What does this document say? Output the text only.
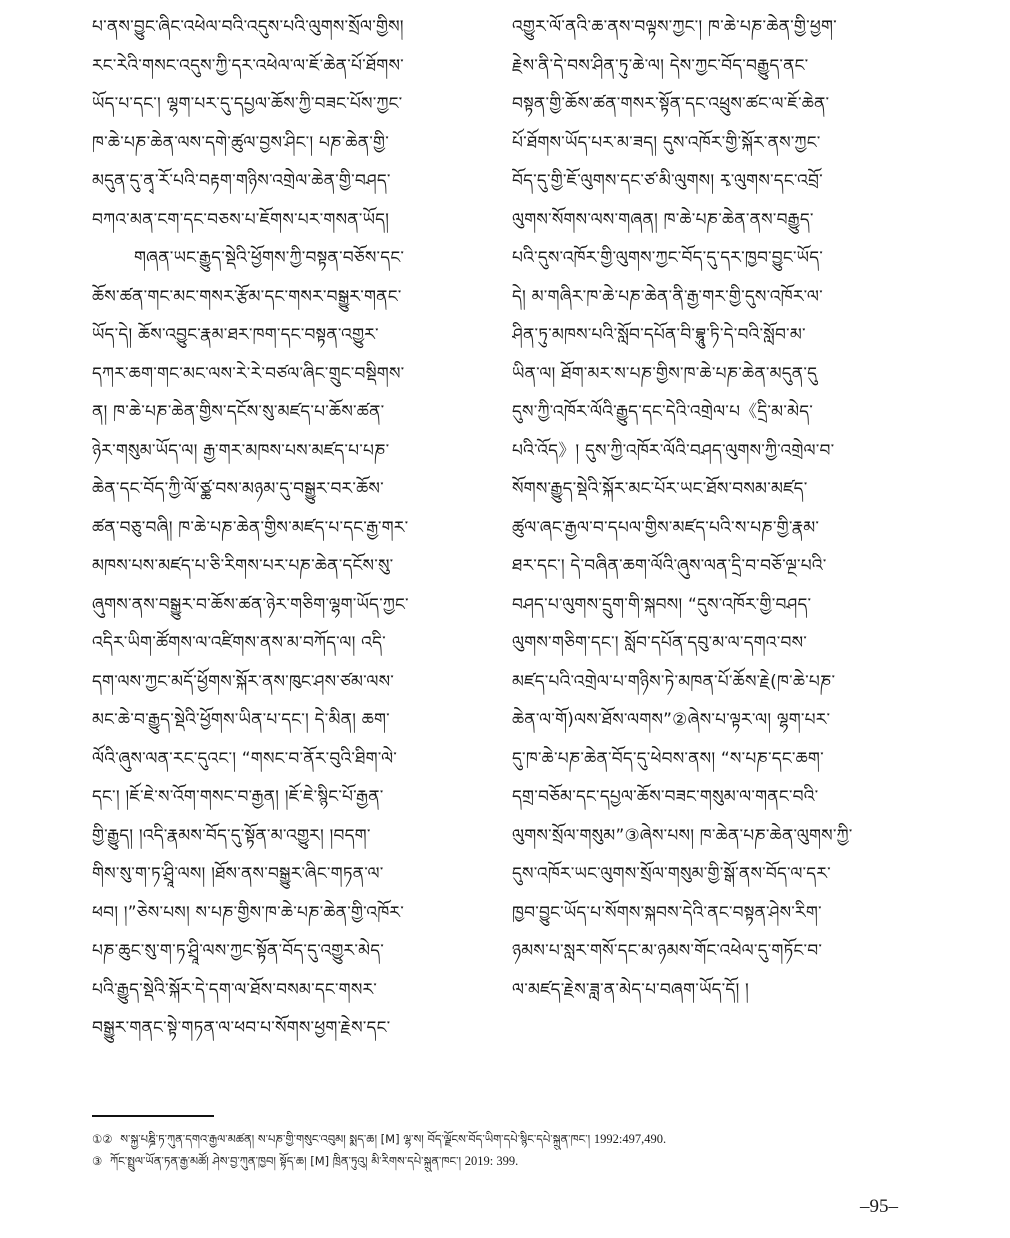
པ་ནས་བྱུང་ཞིང་འཕེལ་བའི་འདུས་པའི་ལུགས་སྲོལ་གྱིས།
རང་རེའི་གསང་འདུས་ཀྱི་དར་འཕེལ་ལ་ཇོ་ཆེན་པོ་ཐོགས་
ཡོད་པ་དང་། ལྷག་པར་དུ་དཔྱལ་ཆོས་ཀྱི་བཟང་པོས་ཀྱང་
ཁ་ཆེ་པཎ་ཆེན་ལས་དགེ་ཚུལ་བྱས་ཤིང་། པཎ་ཆེན་གྱི་
མདུན་དུ་ནྭ་རོ་པའི་བརྟག་གཉིས་འགྲེལ་ཆེན་གྱི་བཤད་
བཀའ་མན་ངག་དང་བཅས་པ་ཇོགས་པར་གསན་ཡོད།
གཞན་ཡང་རྒྱུད་སྡེའི་ཕྱོགས་ཀྱི་བསྟན་བཅོས་དང་
ཆོས་ཚན་གང་མང་གསར་རྩོམ་དང་གསར་བསྒྱུར་གནང་
ཡོད་དེ། ཆོས་འབྱུང་རྣམ་ཐར་ཁག་དང་བསྟན་འགྱུར་
དཀར་ཆག་གང་མང་ལས་རེ་རེ་བཙལ་ཞིང་གྲུང་བསྡིགས་
ན། ཁ་ཆེ་པཎ་ཆེན་གྱིས་དངོས་སུ་མཛད་པ་ཆོས་ཚན་
ཉེར་གསུམ་ཡོད་ལ། རྒྱ་གར་མཁས་པས་མཛད་པ་པཎ་
ཆེན་དང་བོད་ཀྱི་ལོ་ཙྪ་བས་མཉམ་དུ་བསྒྱུར་བར་ཆོས་
ཚན་བཅུ་བཞི། ཁ་ཆེ་པཎ་ཆེན་གྱིས་མཛད་པ་དང་རྒྱ་གར་
མཁས་པས་མཛད་པ་ཅི་རིགས་པར་པཎ་ཆེན་དངོས་སུ་
ཞུགས་ནས་བསྒྱུར་བ་ཆོས་ཚན་ཉེར་གཅིག་ལྷག་ཡོད་ཀྱང་
འདིར་ཡིག་ཚོགས་ལ་འཛིགས་ནས་མ་བཀོད་ལ། འདི་
དག་ལས་ཀྱང་མདོ་ཕྱོགས་སྐོར་ནས་ཁུང་ཤས་ཙམ་ལས་
མང་ཆེ་བ་རྒྱུད་སྡེའི་ཕྱོགས་ཡིན་པ་དང་། དེ་མིན། ཆག་
ལོའི་ཞུས་ལན་རང་དུའང་། “གསང་བ་ནོར་བུའི་ཐིག་ལེ་
དང་། །ཇོ་ཇེ་ས་འོག་གསང་བ་རྒྱན། །ཇོ་ཇེ་སྙིང་པོ་རྒྱན་
གྱི་རྒྱུད། །འདི་རྣམས་བོད་དུ་སྟོན་མ་འགྱུར། །བདག་
གིས་སུ་ག་ཏ་ཤྲཱི་ལས། །ཐོས་ནས་བསྒྱུར་ཞིང་གཏན་ལ་
ཕབ། །”ཅེས་པས། ས་པཎ་གྱིས་ཁ་ཆེ་པཎ་ཆེན་གྱི་འཁོར་
པཎ་ཆུང་སུ་ག་ཏ་ཤྲཱི་ལས་ཀྱང་སྟོན་བོད་དུ་འགྱུར་མེད་
པའི་རྒྱུད་སྡེའི་སྐོར་དེ་དག་ལ་ཐོས་བསམ་དང་གསར་
བསྒྱུར་གནང་སྟེ་གཏན་ལ་ཕབ་པ་སོགས་ཕྱག་རྗེས་དང་
འགྱུར་ལོ་ནའི་ཆ་ནས་བལྟས་ཀྱང་། ཁ་ཆེ་པཎ་ཆེན་གྱི་ཕྱག་
རྗེས་ནི་དེ་བས་ཤིན་ཏུ་ཆེ་ལ། དེས་ཀྱང་བོད་བརྒྱུད་ནང་
བསྟན་གྱི་ཆོས་ཚན་གསར་སྟོན་དང་འཕྲུས་ཚང་ལ་ཇོ་ཆེན་
པོ་ཐོགས་ཡོད་པར་མ་ཟད། དུས་འཁོར་གྱི་སྐོར་ནས་ཀྱང་
བོད་དུ་གྱི་ཇོ་ལུགས་དང་ཙ་མི་ལུགས། རྭ་ལུགས་དང་འབྲོ་
ལུགས་སོགས་ལས་གཞན། ཁ་ཆེ་པཎ་ཆེན་ནས་བརྒྱུད་
པའི་དུས་འཁོར་གྱི་ལུགས་ཀྱང་བོད་དུ་དར་ཁྱབ་བྱུང་ཡོད་
དེ། མ་གཞིར་ཁ་ཆེ་པཎ་ཆེན་ནི་རྒྱ་གར་གྱི་དུས་འཁོར་ལ་
ཤིན་ཏུ་མཁས་པའི་སློབ་དཔོན་བི་བྷཱུ་ཏི་དེ་བའི་སློབ་མ་
ཡིན་ལ། ཐོག་མར་ས་པཎ་གྱིས་ཁ་ཆེ་པཎ་ཆེན་མདུན་དུ
དུས་ཀྱི་འཁོར་ལོའི་རྒྱུད་དང་དེའི་འགྲེལ་པ《དྲི་མ་མེད་
པའི་འོད》། དུས་ཀྱི་འཁོར་ལོའི་བཤད་ལུགས་ཀྱི་འགྲེལ་བ་
སོགས་རྒྱུད་སྡེའི་སྐོར་མང་པོར་ཡང་ཐོས་བསམ་མཛད་
ཚུལ་ཞང་རྒྱལ་བ་དཔལ་གྱིས་མཛད་པའི་ས་པཎ་གྱི་རྣམ་
ཐར་དང་། དེ་བཞིན་ཆག་ལོའི་ཞུས་ལན་དྲི་བ་བཅོ་ལྔ་པའི་
བཤད་པ་ལུགས་དྲུག་གི་སྐབས། “དུས་འཁོར་གྱི་བཤད་
ལུགས་གཅིག་དང་། སློབ་དཔོན་དབུ་མ་ལ་དགའ་བས་
མཛད་པའི་འགྲེལ་པ་གཉིས་ཏེ་མཁན་པོ་ཆོས་རྗེ(ཁ་ཆེ་པཎ་
ཆེན་ལ་གོ)ལས་ཐོས་ལགས”②ཞེས་པ་ལྟར་ལ། ལྷག་པར་
དུ་ཁ་ཆེ་པཎ་ཆེན་བོད་དུ་ཕེབས་ནས། “ས་པཎ་དང་ཆག་
དགྲ་བཅོམ་དང་དཔྱལ་ཆོས་བཟང་གསུམ་ལ་གནང་བའི་
ལུགས་སྲོལ་གསུམ”③ཞེས་པས། ཁ་ཆེན་པཎ་ཆེན་ལུགས་ཀྱི་
དུས་འཁོར་ཡང་ལུགས་སྲོལ་གསུམ་གྱི་སྒོ་ནས་བོད་ལ་དར་
ཁྱབ་བྱུང་ཡོད་པ་སོགས་སྐབས་དེའི་ནང་བསྟན་ཤེས་རིག་
ཉམས་པ་སླར་གསོ་དང་མ་ཉམས་གོང་འཕེལ་དུ་གཏོང་བ་
ལ་མཛད་རྗེས་ཟླ་ན་མེད་པ་བཞག་ཡོད་དོ། །
①② ས་སྐྱ་པཎྜི་ཏ་ཀུན་དགའ་རྒྱལ་མཚན། ས་པཎ་གྱི་གསུང་འབུམ། སྨད་ཆ། [M] ལྷ་ས། བོད་ལྗོངས་བོད་ཡིག་དཔེ་སྙིང་དཔེ་སྐྲུན་ཁང་། 1992:497,490.
③ ཀོང་སྤྲུལ་ཡོན་ཏན་རྒྱ་མཚོ། ཤེས་བྱ་ཀུན་ཁྱབ། སྟོད་ཆ། [M] ཁྲིན་ཏུའུ། མི་རིགས་དཔེ་སྐྲུན་ཁང་། 2019: 399.
–95–
